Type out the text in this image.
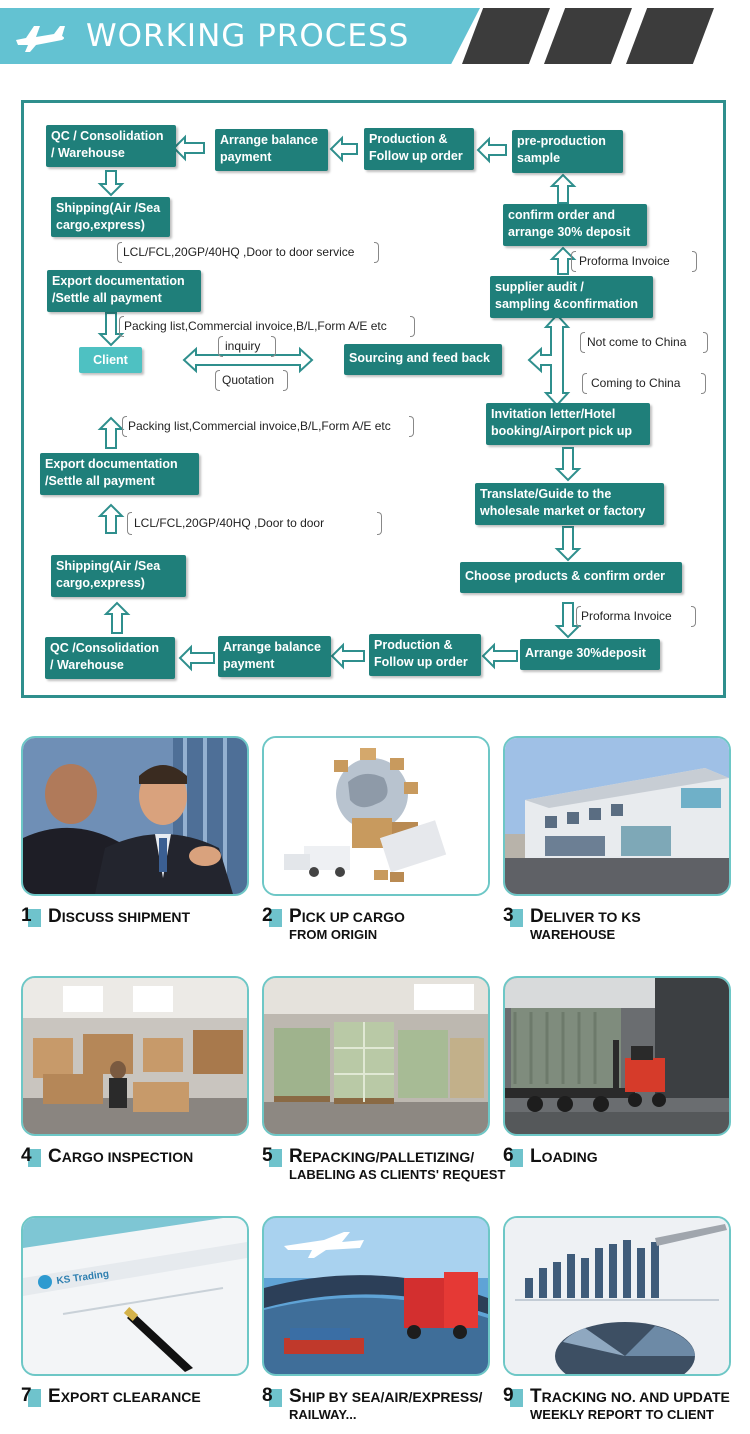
WORKING PROCESS
QC / Consolidation
/ Warehouse
Arrange balance
payment
Production &
Follow up order
pre-production
sample
Shipping(Air /Sea
cargo,express)
confirm order and
arrange 30% deposit
Export documentation
/Settle all payment
supplier audit /
sampling &confirmation
Client	Sourcing and feed back
Invitation letter/Hotel
booking/Airport pick up
Export documentation
/Settle all payment
Translate/Guide to the
wholesale market or factory
Shipping(Air /Sea
cargo,express)	Choose products & confirm order
QC /Consolidation
/ Warehouse
Arrange balance
payment
Production &
Follow up order
Arrange 30%deposit
LCL/FCL,20GP/40HQ ,Door to door service
Proforma Invoice
Packing list,Commercial invoice,B/L,Form A/E etc
inquiry
Quotation
Not come to China
Coming to China
Packing list,Commercial invoice,B/L,Form A/E etc
LCL/FCL,20GP/40HQ ,Door to door
Proforma Invoice
1 DISCUSS SHIPMENT	2 PICK UP CARGO
FROM ORIGIN
3 DELIVER TO KS
WAREHOUSE
4 CARGO INSPECTION	5 REPACKING/PALLETIZING/
LABELING AS CLIENTS' REQUEST
6 LOADING
KS Trading
7 EXPORT CLEARANCE	8 SHIP BY SEA/AIR/EXPRESS/
RAILWAY...
9 TRACKING NO. AND UPDATE
WEEKLY REPORT TO CLIENT
